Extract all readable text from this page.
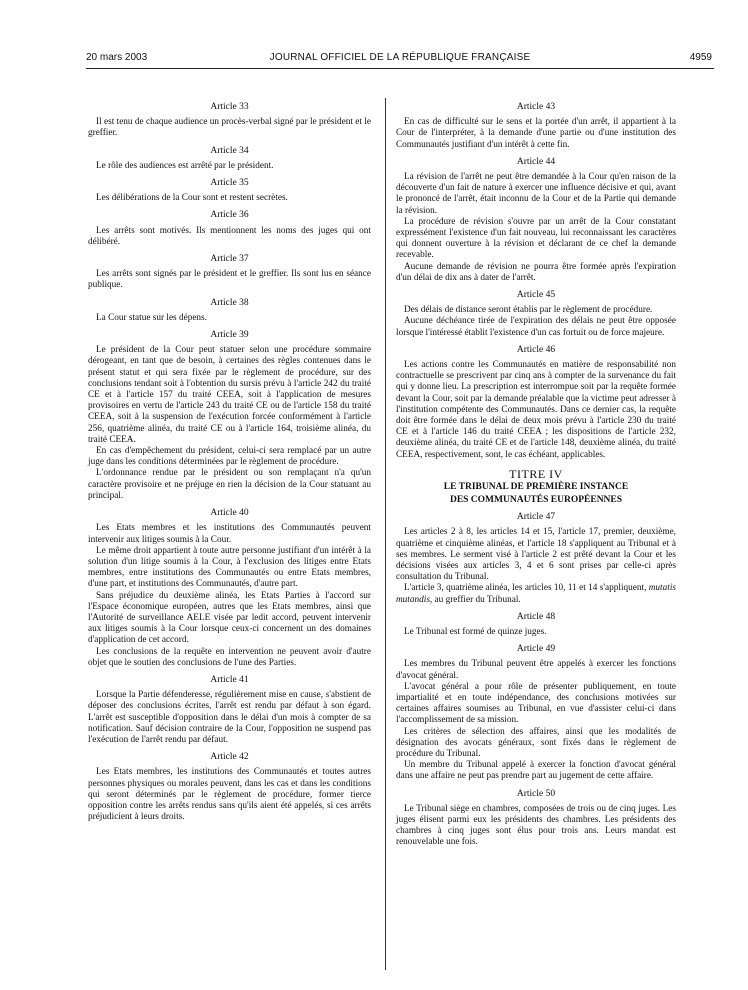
20 mars 2003	JOURNAL OFFICIEL DE LA RÉPUBLIQUE FRANÇAISE	4959
Article 33

Il est tenu de chaque audience un procès-verbal signé par le président et le greffier.

Article 34

Le rôle des audiences est arrêté par le président.

Article 35

Les délibérations de la Cour sont et restent secrètes.

Article 36

Les arrêts sont motivés. Ils mentionnent les noms des juges qui ont délibéré.

Article 37

Les arrêts sont signés par le président et le greffier. Ils sont lus en séance publique.

Article 38

La Cour statue sur les dépens.

Article 39

Le président de la Cour peut statuer selon une procédure sommaire dérogeant, en tant que de besoin, à certaines des règles contenues dans le présent statut et qui sera fixée par le règlement de procédure, sur des conclusions tendant soit à l'obtention du sursis prévu à l'article 242 du traité CE et à l'article 157 du traité CEEA, soit à l'application de mesures provisoires en vertu de l'article 243 du traité CE ou de l'article 158 du traité CEEA, soit à la suspension de l'exécution forcée conformément à l'article 256, quatrième alinéa, du traité CE ou à l'article 164, troisième alinéa, du traité CEEA.

En cas d'empêchement du président, celui-ci sera remplacé par un autre juge dans les conditions déterminées par le règlement de procédure.

L'ordonnance rendue par le président ou son remplaçant n'a qu'un caractère provisoire et ne préjuge en rien la décision de la Cour statuant au principal.

Article 40

Les Etats membres et les institutions des Communautés peuvent intervenir aux litiges soumis à la Cour.

Le même droit appartient à toute autre personne justifiant d'un intérêt à la solution d'un litige soumis à la Cour, à l'exclusion des litiges entre Etats membres, entre institutions des Communautés ou entre Etats membres, d'une part, et institutions des Communautés, d'autre part.

Sans préjudice du deuxième alinéa, les Etats Parties à l'accord sur l'Espace économique européen, autres que les Etats membres, ainsi que l'Autorité de surveillance AELE visée par ledit accord, peuvent intervenir aux litiges soumis à la Cour lorsque ceux-ci concernent un des domaines d'application de cet accord.

Les conclusions de la requête en intervention ne peuvent avoir d'autre objet que le soutien des conclusions de l'une des Parties.

Article 41

Lorsque la Partie défenderesse, régulièrement mise en cause, s'abstient de déposer des conclusions écrites, l'arrêt est rendu par défaut à son égard. L'arrêt est susceptible d'opposition dans le délai d'un mois à compter de sa notification. Sauf décision contraire de la Cour, l'opposition ne suspend pas l'exécution de l'arrêt rendu par défaut.

Article 42

Les Etats membres, les institutions des Communautés et toutes autres personnes physiques ou morales peuvent, dans les cas et dans les conditions qui seront déterminés par le règlement de procédure, former tierce opposition contre les arrêts rendus sans qu'ils aient été appelés, si ces arrêts préjudicient à leurs droits.

Article 43

En cas de difficulté sur le sens et la portée d'un arrêt, il appartient à la Cour de l'interpréter, à la demande d'une partie ou d'une institution des Communautés justifiant d'un intérêt à cette fin.

Article 44

La révision de l'arrêt ne peut être demandée à la Cour qu'en raison de la découverte d'un fait de nature à exercer une influence décisive et qui, avant le prononcé de l'arrêt, était inconnu de la Cour et de la Partie qui demande la révision.

La procédure de révision s'ouvre par un arrêt de la Cour constatant expressément l'existence d'un fait nouveau, lui reconnaissant les caractères qui donnent ouverture à la révision et déclarant de ce chef la demande recevable.

Aucune demande de révision ne pourra être formée après l'expiration d'un délai de dix ans à dater de l'arrêt.

Article 45

Des délais de distance seront établis par le règlement de procédure.

Aucune déchéance tirée de l'expiration des délais ne peut être opposée lorsque l'intéressé établit l'existence d'un cas fortuit ou de force majeure.

Article 46

Les actions contre les Communautés en matière de responsabilité non contractuelle se prescrivent par cinq ans à compter de la survenance du fait qui y donne lieu. La prescription est interrompue soit par la requête formée devant la Cour, soit par la demande préalable que la victime peut adresser à l'institution compétente des Communautés. Dans ce dernier cas, la requête doit être formée dans le délai de deux mois prévu à l'article 230 du traité CE et à l'article 146 du traité CEEA ; les dispositions de l'article 232, deuxième alinéa, du traité CE et de l'article 148, deuxième alinéa, du traité CEEA, respectivement, sont, le cas échéant, applicables.

TITRE IV
LE TRIBUNAL DE PREMIÈRE INSTANCE
DES COMMUNAUTÉS EUROPÉENNES
Article 47

Les articles 2 à 8, les articles 14 et 15, l'article 17, premier, deuxième, quatrième et cinquième alinéas, et l'article 18 s'appliquent au Tribunal et à ses membres. Le serment visé à l'article 2 est prêté devant la Cour et les décisions visées aux articles 3, 4 et 6 sont prises par celle-ci après consultation du Tribunal.

L'article 3, quatrième alinéa, les articles 10, 11 et 14 s'appliquent, mutatis mutandis, au greffier du Tribunal.

Article 48

Le Tribunal est formé de quinze juges.

Article 49

Les membres du Tribunal peuvent être appelés à exercer les fonctions d'avocat général.

L'avocat général a pour rôle de présenter publiquement, en toute impartialité et en toute indépendance, des conclusions motivées sur certaines affaires soumises au Tribunal, en vue d'assister celui-ci dans l'accomplissement de sa mission.

Les critères de sélection des affaires, ainsi que les modalités de désignation des avocats généraux, sont fixés dans le règlement de procédure du Tribunal.

Un membre du Tribunal appelé à exercer la fonction d'avocat général dans une affaire ne peut pas prendre part au jugement de cette affaire.

Article 50

Le Tribunal siège en chambres, composées de trois ou de cinq juges. Les juges élisent parmi eux les présidents des chambres. Les présidents des chambres à cinq juges sont élus pour trois ans. Leurs mandat est renouvelable une fois.
